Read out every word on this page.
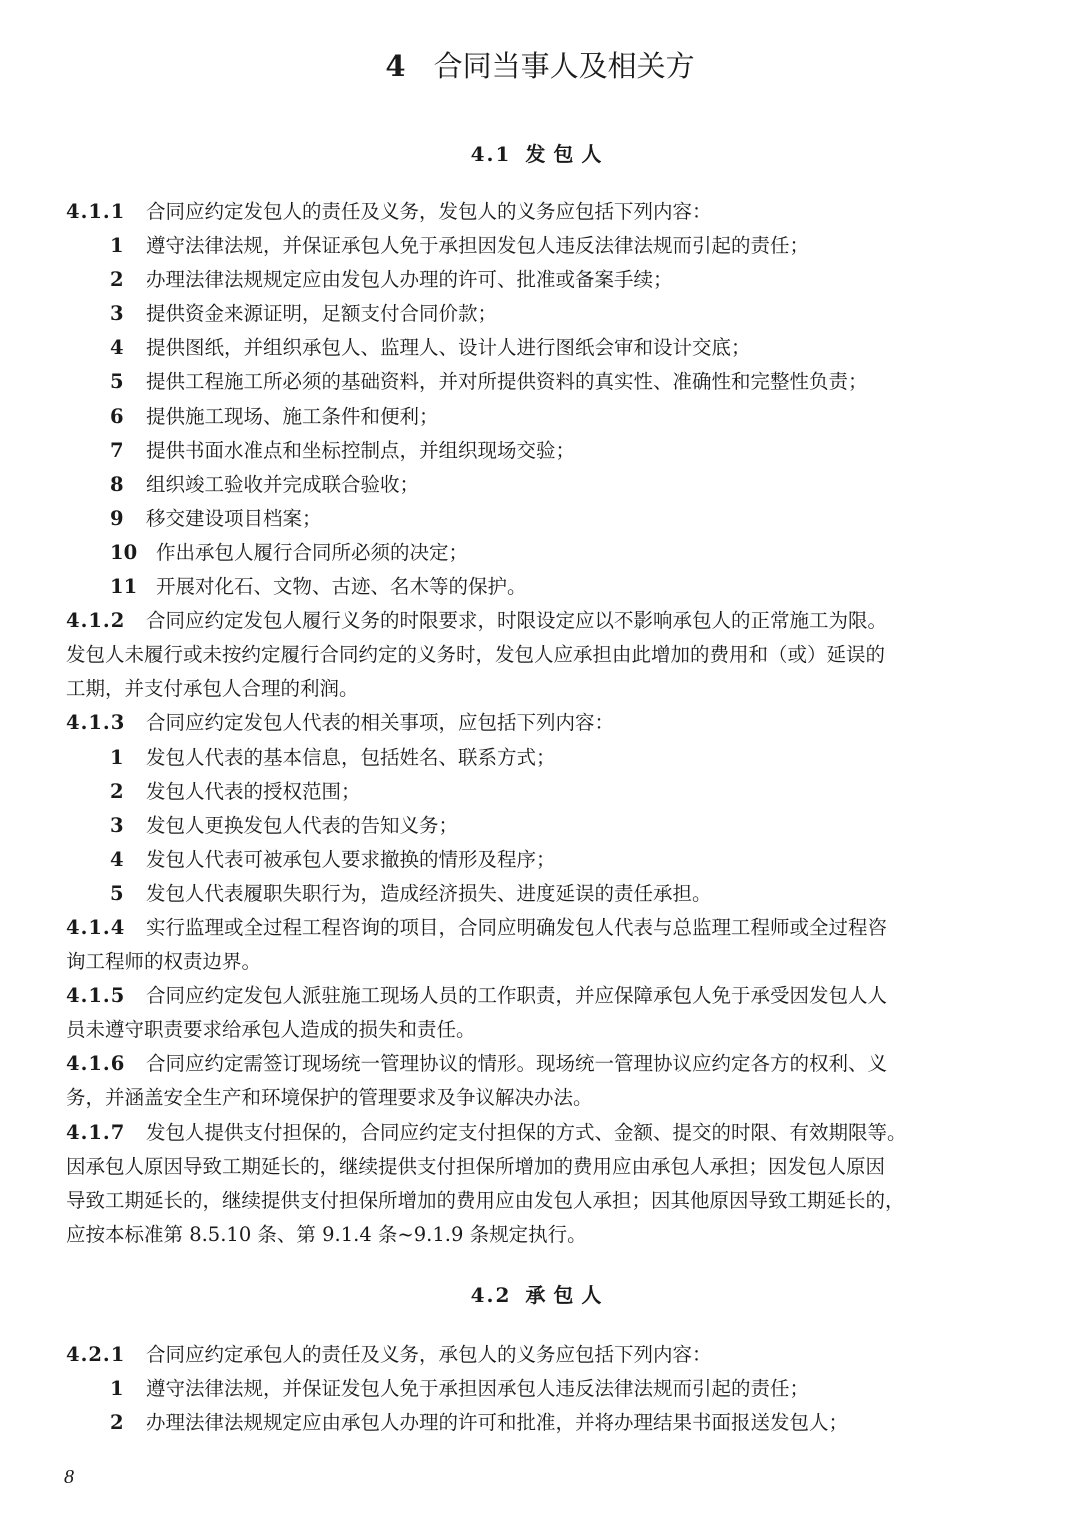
4 合同当事人及相关方
4.1 发包人
4.1.1 合同应约定发包人的责任及义务，发包人的义务应包括下列内容：
1 遵守法律法规，并保证承包人免于承担因发包人违反法律法规而引起的责任；
2 办理法律法规规定应由发包人办理的许可、批准或备案手续；
3 提供资金来源证明，足额支付合同价款；
4 提供图纸，并组织承包人、监理人、设计人进行图纸会审和设计交底；
5 提供工程施工所必须的基础资料，并对所提供资料的真实性、准确性和完整性负责；
6 提供施工现场、施工条件和便利；
7 提供书面水准点和坐标控制点，并组织现场交验；
8 组织竣工验收并完成联合验收；
9 移交建设项目档案；
10 作出承包人履行合同所必须的决定；
11 开展对化石、文物、古迹、名木等的保护。
4.1.2 合同应约定发包人履行义务的时限要求，时限设定应以不影响承包人的正常施工为限。
发包人未履行或未按约定履行合同约定的义务时，发包人应承担由此增加的费用和（或）延误的
工期，并支付承包人合理的利润。
4.1.3 合同应约定发包人代表的相关事项，应包括下列内容：
1 发包人代表的基本信息，包括姓名、联系方式；
2 发包人代表的授权范围；
3 发包人更换发包人代表的告知义务；
4 发包人代表可被承包人要求撤换的情形及程序；
5 发包人代表履职失职行为，造成经济损失、进度延误的责任承担。
4.1.4 实行监理或全过程工程咨询的项目，合同应明确发包人代表与总监理工程师或全过程咨
询工程师的权责边界。
4.1.5 合同应约定发包人派驻施工现场人员的工作职责，并应保障承包人免于承受因发包人人
员未遵守职责要求给承包人造成的损失和责任。
4.1.6 合同应约定需签订现场统一管理协议的情形。现场统一管理协议应约定各方的权利、义
务，并涵盖安全生产和环境保护的管理要求及争议解决办法。
4.1.7 发包人提供支付担保的，合同应约定支付担保的方式、金额、提交的时限、有效期限等。
因承包人原因导致工期延长的，继续提供支付担保所增加的费用应由承包人承担；因发包人原因
导致工期延长的，继续提供支付担保所增加的费用应由发包人承担；因其他原因导致工期延长的，
应按本标准第 8.5.10 条、第 9.1.4 条~9.1.9 条规定执行。
4.2 承包人
4.2.1 合同应约定承包人的责任及义务，承包人的义务应包括下列内容：
1 遵守法律法规，并保证发包人免于承担因承包人违反法律法规而引起的责任；
2 办理法律法规规定应由承包人办理的许可和批准，并将办理结果书面报送发包人；
8
